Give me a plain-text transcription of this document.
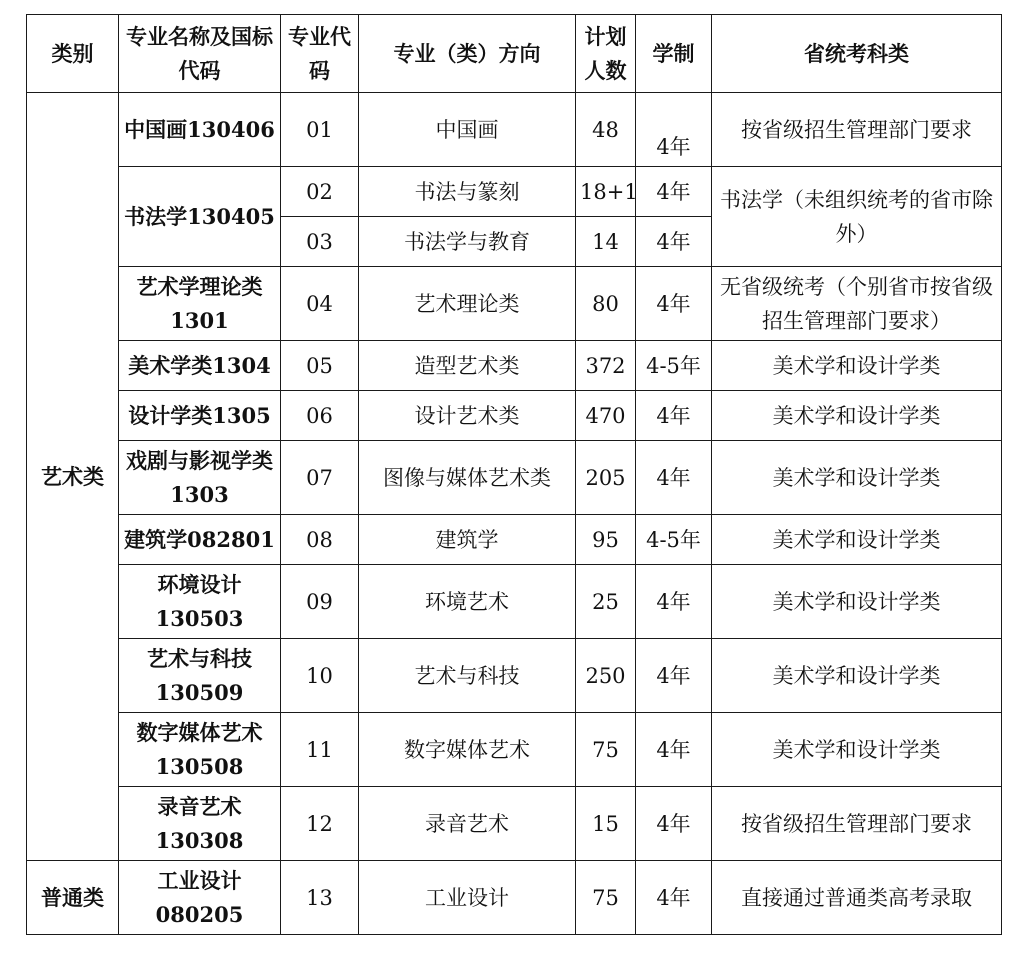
类别	专业名称及国标代码	专业代码	专业（类）方向	计划人数	学制	省统考科类
艺术类	中国画130406	01	中国画	48	4年	按省级招生管理部门要求
	书法学130405	02	书法与篆刻	18+1	4年	书法学（未组织统考的省市除外）
		03	书法学与教育	14	4年	
	艺术学理论类1301	04	艺术理论类	80	4年	无省级统考（个别省市按省级招生管理部门要求）
	美术学类1304	05	造型艺术类	372	4-5年	美术学和设计学类
	设计学类1305	06	设计艺术类	470	4年	美术学和设计学类
	戏剧与影视学类1303	07	图像与媒体艺术类	205	4年	美术学和设计学类
	建筑学082801	08	建筑学	95	4-5年	美术学和设计学类
	环境设计130503	09	环境艺术	25	4年	美术学和设计学类
	艺术与科技130509	10	艺术与科技	250	4年	美术学和设计学类
	数字媒体艺术130508	11	数字媒体艺术	75	4年	美术学和设计学类
	录音艺术130308	12	录音艺术	15	4年	按省级招生管理部门要求
普通类	工业设计080205	13	工业设计	75	4年	直接通过普通类高考录取
